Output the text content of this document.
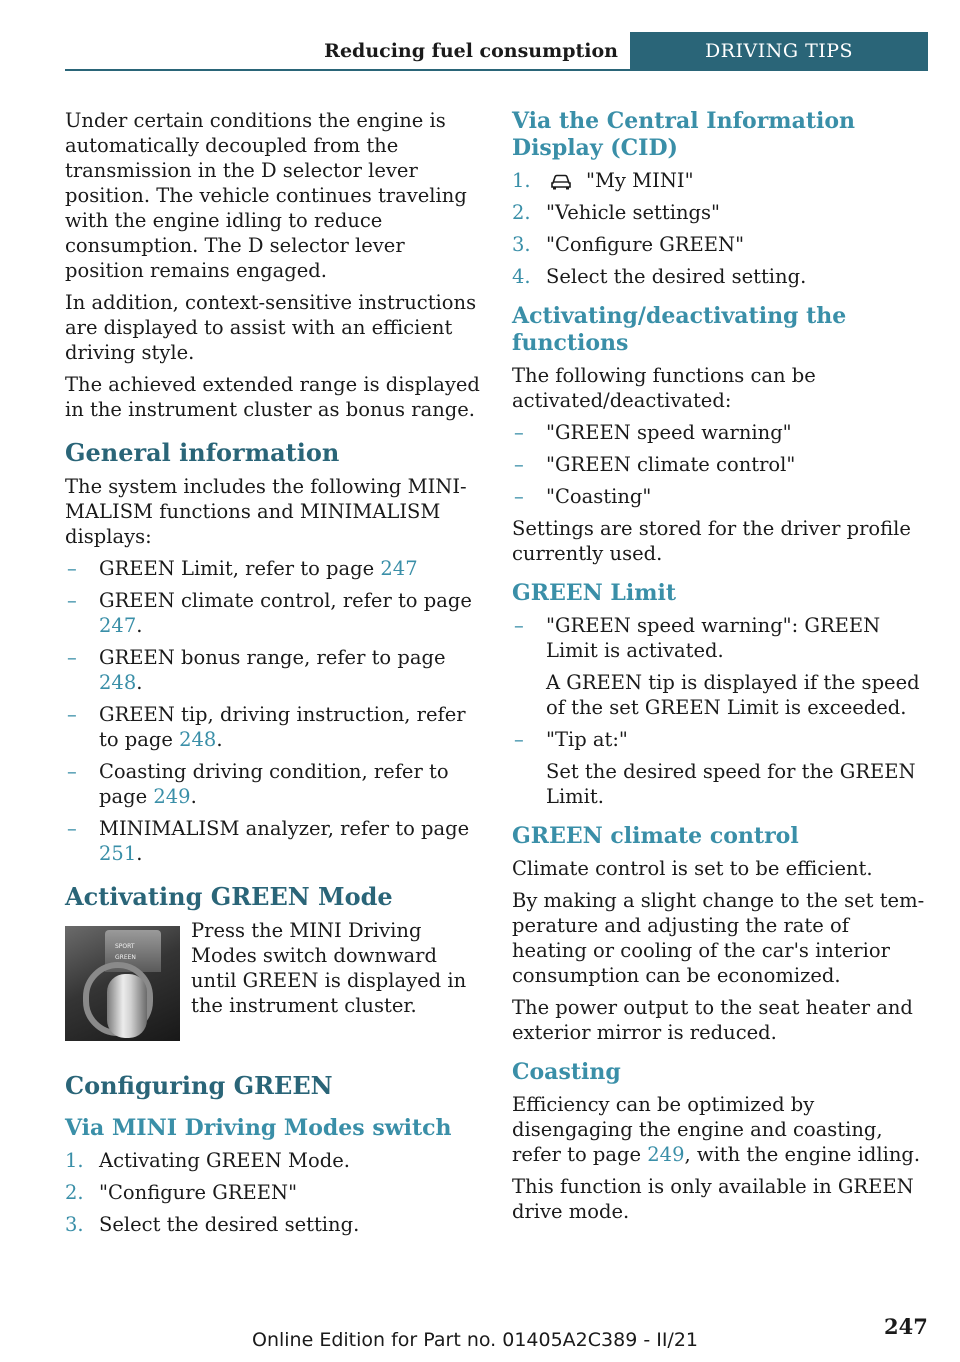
Reducing fuel consumption	DRIVING TIPS

Under certain conditions the engine is automatically decoupled from the transmission in the D selector lever position. The vehicle continues traveling with the engine idling to reduce consumption. The D selector lever position remains engaged.

In addition, context-sensitive instructions are displayed to assist with an efficient driving style.

The achieved extended range is displayed in the instrument cluster as bonus range.

General information

The system includes the following MINIMALISM functions and MINIMALISM displays:

– GREEN Limit, refer to page 247
– GREEN climate control, refer to page 247.
– GREEN bonus range, refer to page 248.
– GREEN tip, driving instruction, refer to page 248.
– Coasting driving condition, refer to page 249.
– MINIMALISM analyzer, refer to page 251.
Activating GREEN Mode
SPORT
GREEN

Press the MINI Driving Modes switch downward until GREEN is displayed in the instrument cluster.

Configuring GREEN
Via MINI Driving Modes switch
1. Activating GREEN Mode.
2. "Configure GREEN"
3. Select the desired setting.
Via the Central Information Display (CID)
1.	"My MINI"
2. "Vehicle settings"
3. "Configure GREEN"
4. Select the desired setting.
Activating/deactivating the functions

The following functions can be activated/deactivated:

– "GREEN speed warning"
– "GREEN climate control"
– "Coasting"

Settings are stored for the driver profile currently used.

GREEN Limit
– "GREEN speed warning": GREEN Limit is activated.
A GREEN tip is displayed if the speed of the set GREEN Limit is exceeded.
– "Tip at:"
Set the desired speed for the GREEN Limit.
GREEN climate control

Climate control is set to be efficient.

By making a slight change to the set temperature and adjusting the rate of heating or cooling of the car's interior consumption can be economized.

The power output to the seat heater and exterior mirror is reduced.

Coasting

Efficiency can be optimized by disengaging the engine and coasting, refer to page 249, with the engine idling.

This function is only available in GREEN drive mode.

247
Online Edition for Part no. 01405A2C389 - II/21
